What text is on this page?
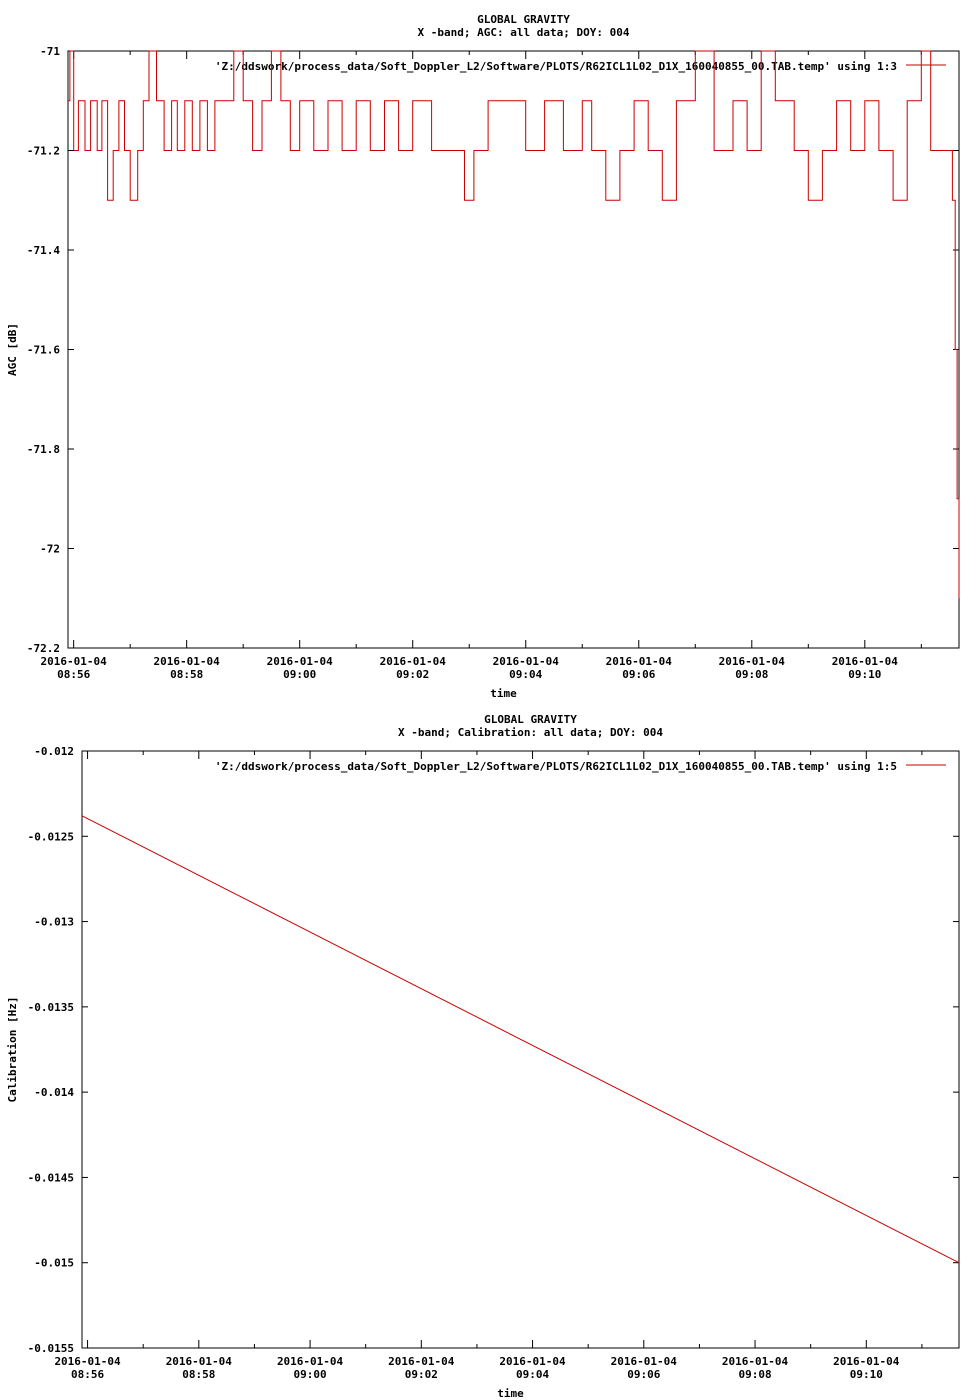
GLOBAL GRAVITY
X -band; AGC: all data; DOY: 004
-71
-71.2
-71.4
-71.6
-71.8
-72
-72.2
2016-01-04
08:56
2016-01-04
08:58
2016-01-04
09:00
2016-01-04
09:02
2016-01-04
09:04
2016-01-04
09:06
2016-01-04
09:08
2016-01-04
09:10
time
AGC [dB]
'Z:/ddswork/process_data/Soft_Doppler_L2/Software/PLOTS/R62ICL1L02_D1X_160040855_00.TAB.temp' using 1:3
GLOBAL GRAVITY
X -band; Calibration: all data; DOY: 004
-0.012
-0.0125
-0.013
-0.0135
-0.014
-0.0145
-0.015
-0.0155
2016-01-04
08:56
2016-01-04
08:58
2016-01-04
09:00
2016-01-04
09:02
2016-01-04
09:04
2016-01-04
09:06
2016-01-04
09:08
2016-01-04
09:10
time
Calibration [Hz]
'Z:/ddswork/process_data/Soft_Doppler_L2/Software/PLOTS/R62ICL1L02_D1X_160040855_00.TAB.temp' using 1:5
